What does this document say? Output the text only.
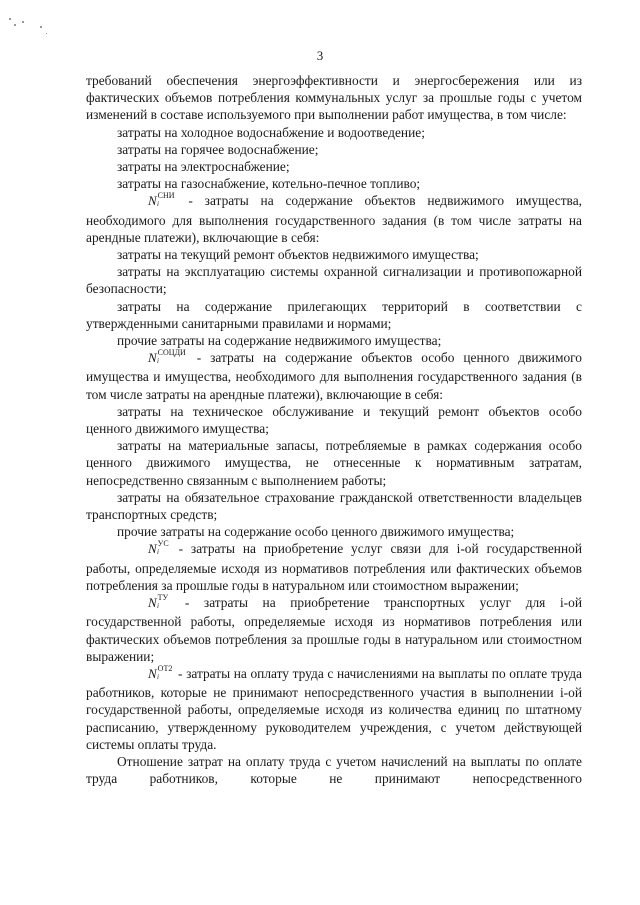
3

требований обеспечения энергоэффективности и энергосбережения или из фактических объемов потребления коммунальных услуг за прошлые годы с учетом изменений в составе используемого при выполнении работ имущества, в том числе:

затраты на холодное водоснабжение и водоотведение;

затраты на горячее водоснабжение;

затраты на электроснабжение;

затраты на газоснабжение, котельно-печное топливо;

N i
$^{СНИ}$ - затраты на содержание объектов недвижимого имущества, необходимого для выполнения государственного задания (в том числе затраты на арендные платежи), включающие в себя:

затраты на текущий ремонт объектов недвижимого имущества;

затраты на эксплуатацию системы охранной сигнализации и противопожарной безопасности;

затраты на содержание прилегающих территорий в соответствии с утвержденными санитарными правилами и нормами;

прочие затраты на содержание недвижимого имущества;

N i
$^{СОЦДИ}$ - затраты на содержание объектов особо ценного движимого имущества и имущества, необходимого для выполнения государственного задания (в том числе затраты на арендные платежи), включающие в себя:

затраты на техническое обслуживание и текущий ремонт объектов особо ценного движимого имущества;

затраты на материальные запасы, потребляемые в рамках содержания особо ценного движимого имущества, не отнесенные к нормативным затратам, непосредственно связанным с выполнением работы;

затраты на обязательное страхование гражданской ответственности владельцев транспортных средств;

прочие затраты на содержание особо ценного движимого имущества;

N i
$^{УС}$ - затраты на приобретение услуг связи для i-ой государственной работы, определяемые исходя из нормативов потребления или фактических объемов потребления за прошлые годы в натуральном или стоимостном выражении;

N i
$^{ТУ}$ - затраты на приобретение транспортных услуг для i-ой государственной работы, определяемые исходя из нормативов потребления или фактических объемов потребления за прошлые годы в натуральном или стоимостном выражении;

N i
$^{ОТ2}$ - затраты на оплату труда с начислениями на выплаты по оплате труда работников, которые не принимают непосредственного участия в выполнении i-ой государственной работы, определяемые исходя из количества единиц по штатному расписанию, утвержденному руководителем учреждения, с учетом действующей системы оплаты труда.

Отношение затрат на оплату труда с учетом начислений на выплаты по оплате труда работников, которые не принимают непосредственного
